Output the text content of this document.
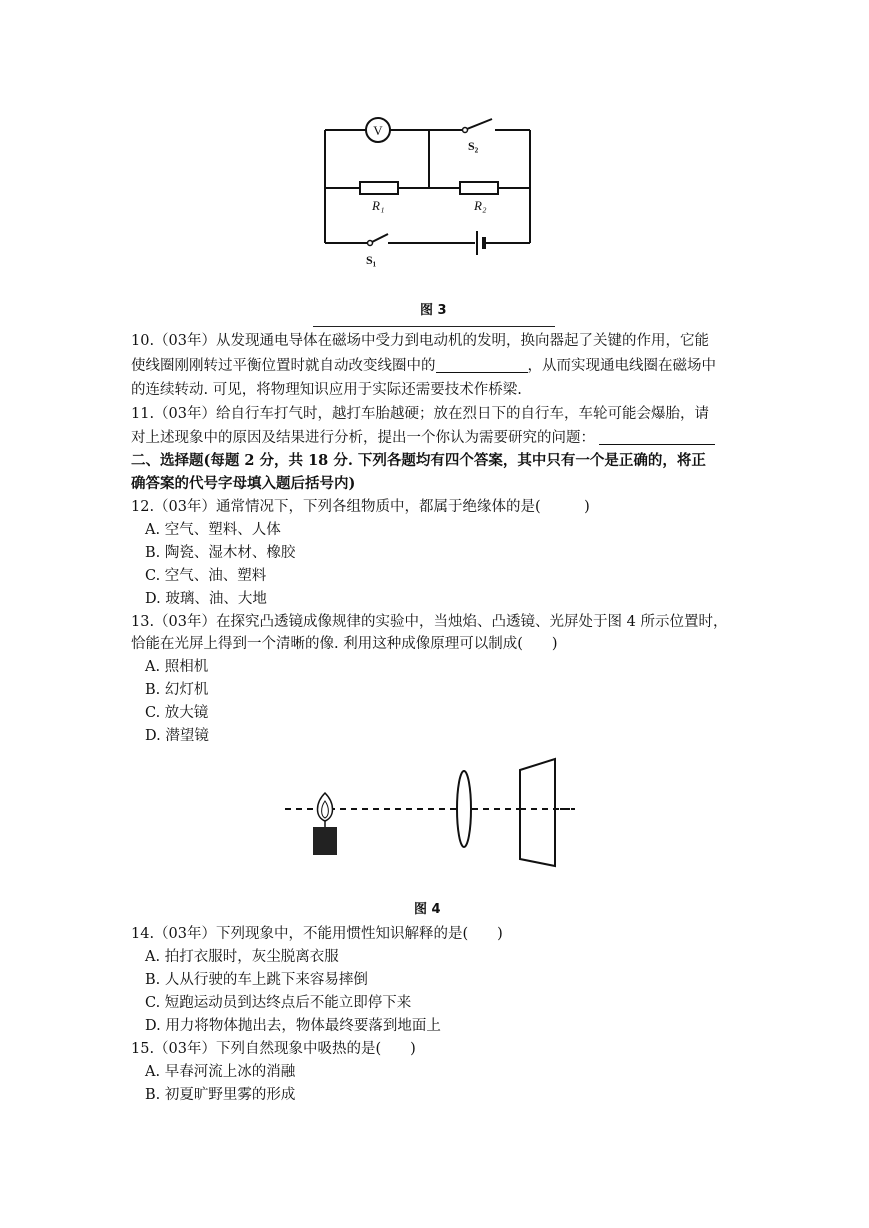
V
S₂
R₁	R₂
S₁
图 3
10.（03年）从发现通电导体在磁场中受力到电动机的发明，换向器起了关键的作用，它能
使线圈刚刚转过平衡位置时就自动改变线圈中的	，从而实现通电线圈在磁场中
的连续转动. 可见，将物理知识应用于实际还需要技术作桥梁.
11.（03年）给自行车打气时，越打车胎越硬；放在烈日下的自行车，车轮可能会爆胎，请
对上述现象中的原因及结果进行分析，提出一个你认为需要研究的问题：
二、选择题(每题 2 分，共 18 分. 下列各题均有四个答案，其中只有一个是正确的，将正
确答案的代号字母填入题后括号内)
12.（03年）通常情况下，下列各组物质中，都属于绝缘体的是(　　　)
A. 空气、塑料、人体
B. 陶瓷、湿木材、橡胶
C. 空气、油、塑料
D. 玻璃、油、大地
13.（03年）在探究凸透镜成像规律的实验中，当烛焰、凸透镜、光屏处于图 4 所示位置时，
恰能在光屏上得到一个清晰的像. 利用这种成像原理可以制成(　　)
A. 照相机
B. 幻灯机
C. 放大镜
D. 潜望镜
图 4
14.（03年）下列现象中，不能用惯性知识解释的是(　　)
A. 拍打衣服时，灰尘脱离衣服
B. 人从行驶的车上跳下来容易摔倒
C. 短跑运动员到达终点后不能立即停下来
D. 用力将物体抛出去，物体最终要落到地面上
15.（03年）下列自然现象中吸热的是(　　)
A. 早春河流上冰的消融
B. 初夏旷野里雾的形成
